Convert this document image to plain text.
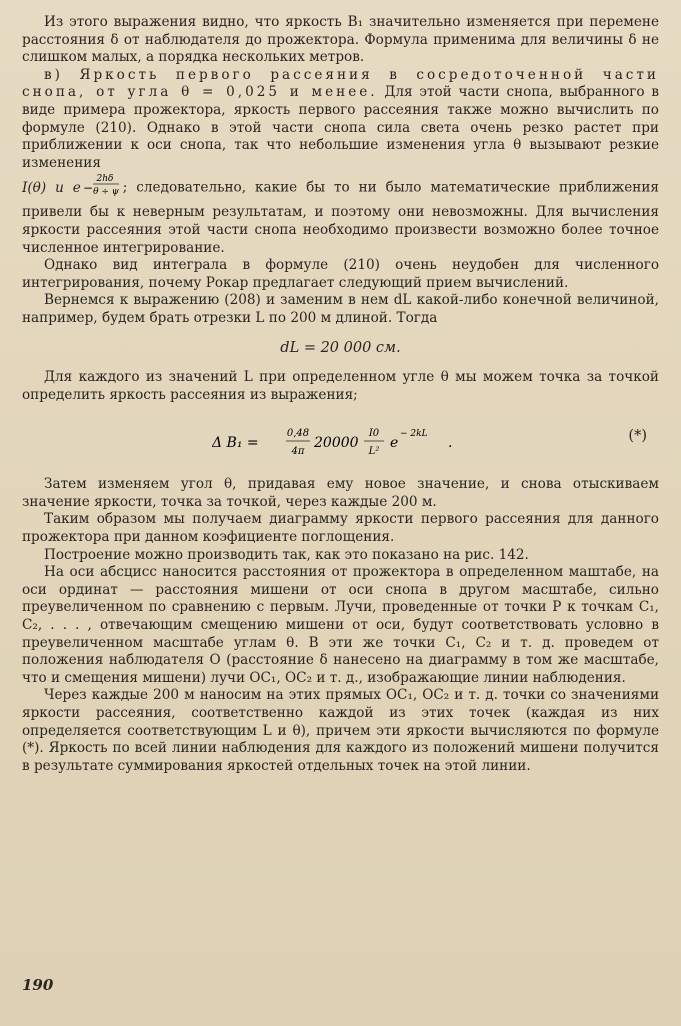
Из этого выражения видно, что яркость B₁ значительно изменяется при перемене расстояния δ от наблюдателя до прожектора. Формула применима для величины δ не слишком малых, а порядка нескольких метров.

в) Яркость первого рассеяния в сосредоточенной части снопа, от угла θ = 0,025 и менее. Для этой части снопа, выбранного в виде примера прожектора, яркость первого рассеяния также можно вычислить по формуле (210). Однако в этой части снопа сила света очень резко растет при приближении к оси снопа, так что небольшие изменения угла θ вызывают резкие изменения

I(θ) и e −
2hδ
θ ÷ ψ ; следовательно, какие бы то ни было математические приближения привели бы к неверным результатам, и поэтому они невозможны. Для вычисления яркости рассеяния этой части снопа необходимо произвести возможно более точное численное интегрирование.

Однако вид интеграла в формуле (210) очень неудобен для численного интегрирования, почему Рокар предлагает следующий прием вычислений.

Вернемся к выражению (208) и заменим в нем dL какой-либо конечной величиной, например, будем брать отрезки L по 200 м длиной. Тогда

dL = 20 000 см.

Для каждого из значений L при определенном угле θ мы можем точка за точкой определить яркость рассеяния из выражения;

Δ B₁ =
0,48
4π
20000
I0
L²
e
− 2kL
.	(*)

Затем изменяем угол θ, придавая ему новое значение, и снова отыскиваем значение яркости, точка за точкой, через каждые 200 м.

Таким образом мы получаем диаграмму яркости первого рассеяния для данного прожектора при данном коэфициенте поглощения.

Построение можно производить так, как это показано на рис. 142.

На оси абсцисс наносится расстояния от прожектора в определенном маштабе, на оси ординат — расстояния мишени от оси снопа в другом масштабе, сильно преувеличенном по сравнению с первым. Лучи, проведенные от точки P к точкам C₁, C₂, . . . , отвечающим смещению мишени от оси, будут соответствовать условно в преувеличенном масштабе углам θ. В эти же точки C₁, C₂ и т. д. проведем от положения наблюдателя O (расстояние δ нанесено на диаграмму в том же масштабе, что и смещения мишени) лучи OC₁, OC₂ и т. д., изображающие линии наблюдения.

Через каждые 200 м наносим на этих прямых OC₁, OC₂ и т. д. точки со значениями яркости рассеяния, соответственно каждой из этих точек (каждая из них определяется соответствующим L и θ), причем эти яркости вычисляются по формуле (*). Яркость по всей линии наблюдения для каждого из положений мишени получится в результате суммирования яркостей отдельных точек на этой линии.

190
